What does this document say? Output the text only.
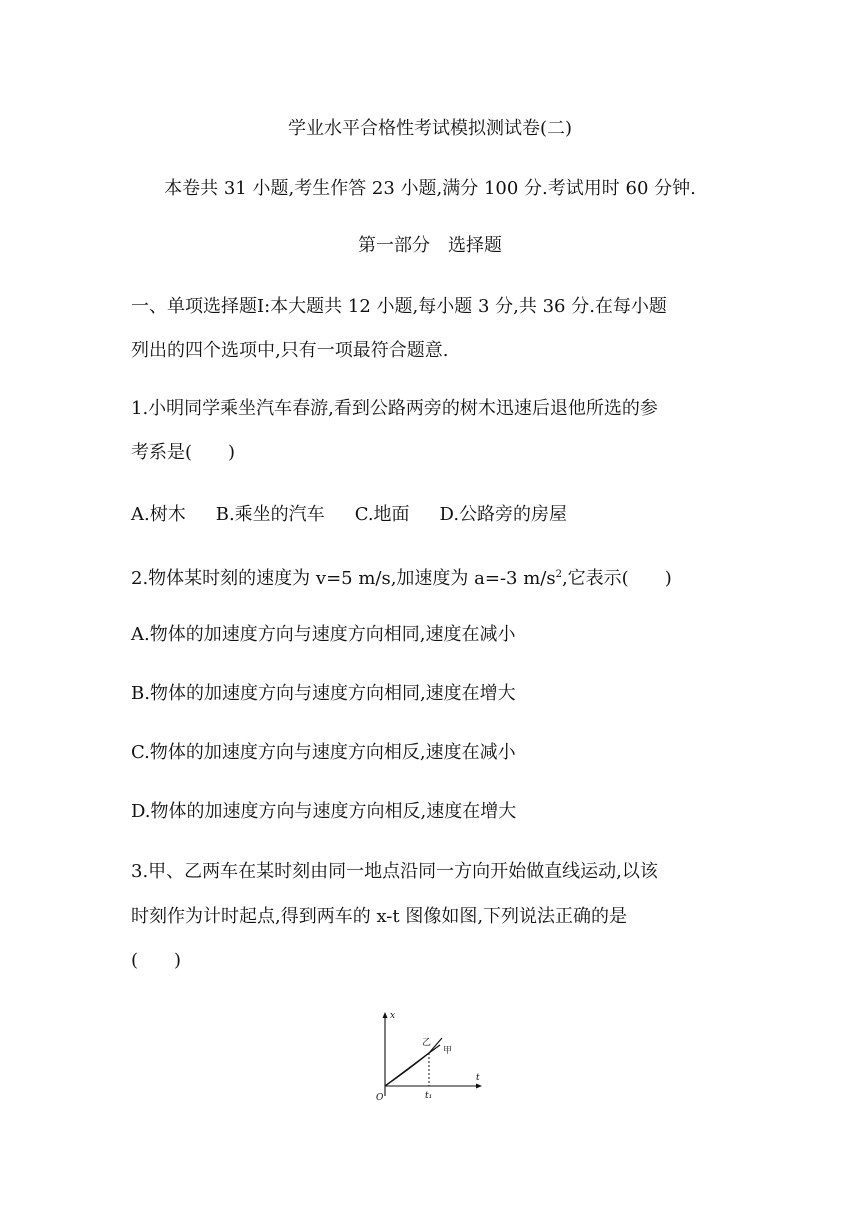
学业水平合格性考试模拟测试卷(二)
本卷共 31 小题,考生作答 23 小题,满分 100 分.考试用时 60 分钟.
第一部分　选择题
一、单项选择题Ⅰ:本大题共 12 小题,每小题 3 分,共 36 分.在每小题
列出的四个选项中,只有一项最符合题意.
1.小明同学乘坐汽车春游,看到公路两旁的树木迅速后退他所选的参
考系是(　　)
A.树木 B.乘坐的汽车 C.地面 D.公路旁的房屋
2.物体某时刻的速度为 v=5 m/s,加速度为 a=-3 $m/s^2$,它表示(　　)
A.物体的加速度方向与速度方向相同,速度在减小
B.物体的加速度方向与速度方向相同,速度在增大
C.物体的加速度方向与速度方向相反,速度在减小
D.物体的加速度方向与速度方向相反,速度在增大
3.甲、乙两车在某时刻由同一地点沿同一方向开始做直线运动,以该
时刻作为计时起点,得到两车的 x-t 图像如图,下列说法正确的是
(　　)
x
t
O	t₁
乙
甲
